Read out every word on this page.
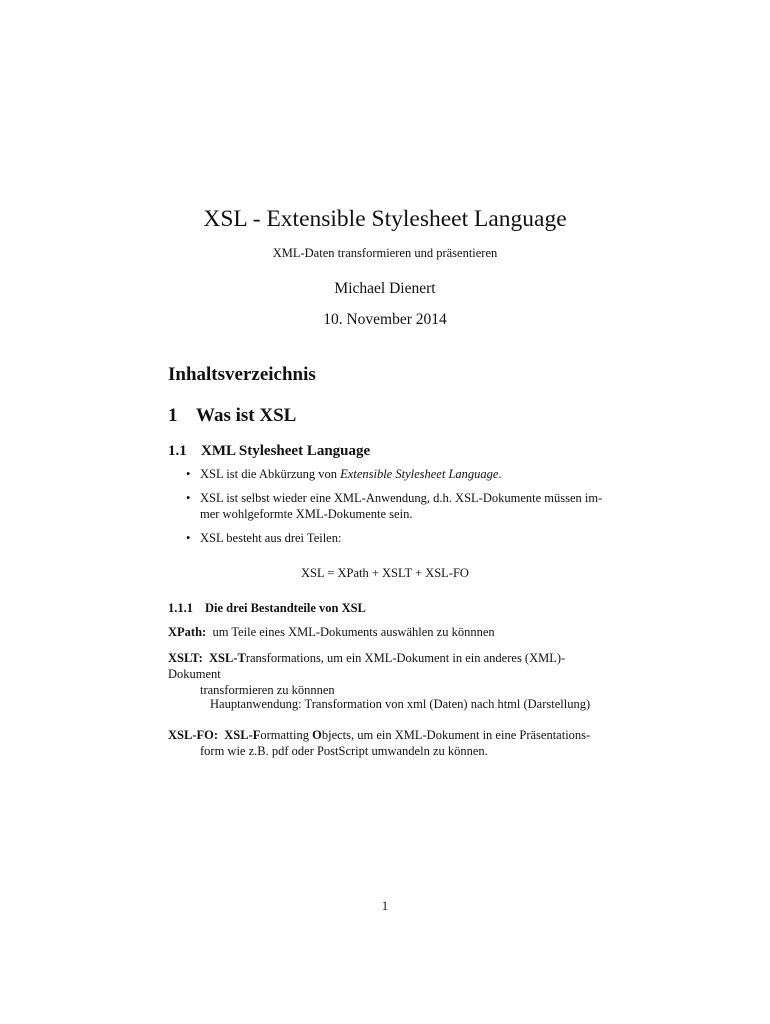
XSL - Extensible Stylesheet Language
XML-Daten transformieren und präsentieren
Michael Dienert
10. November 2014
Inhaltsverzeichnis
1 Was ist XSL
1.1 XML Stylesheet Language
• XSL ist die Abkürzung von Extensible Stylesheet Language.
• XSL ist selbst wieder eine XML-Anwendung, d.h. XSL-Dokumente müssen im-
mer wohlgeformte XML-Dokumente sein.
• XSL besteht aus drei Teilen:
XSL = XPath + XSLT + XSL-FO
1.1.1 Die drei Bestandteile von XSL
XPath: um Teile eines XML-Dokuments auswählen zu könnnen
XSLT: XSL-Transformations, um ein XML-Dokument in ein anderes (XML)-Dokument

transformieren zu könnnen
Hauptanwendung: Transformation von xml (Daten) nach html (Darstellung)
XSL-FO: XSL-Formatting Objects, um ein XML-Dokument in eine Präsentations-

form wie z.B. pdf oder PostScript umwandeln zu können.
1
